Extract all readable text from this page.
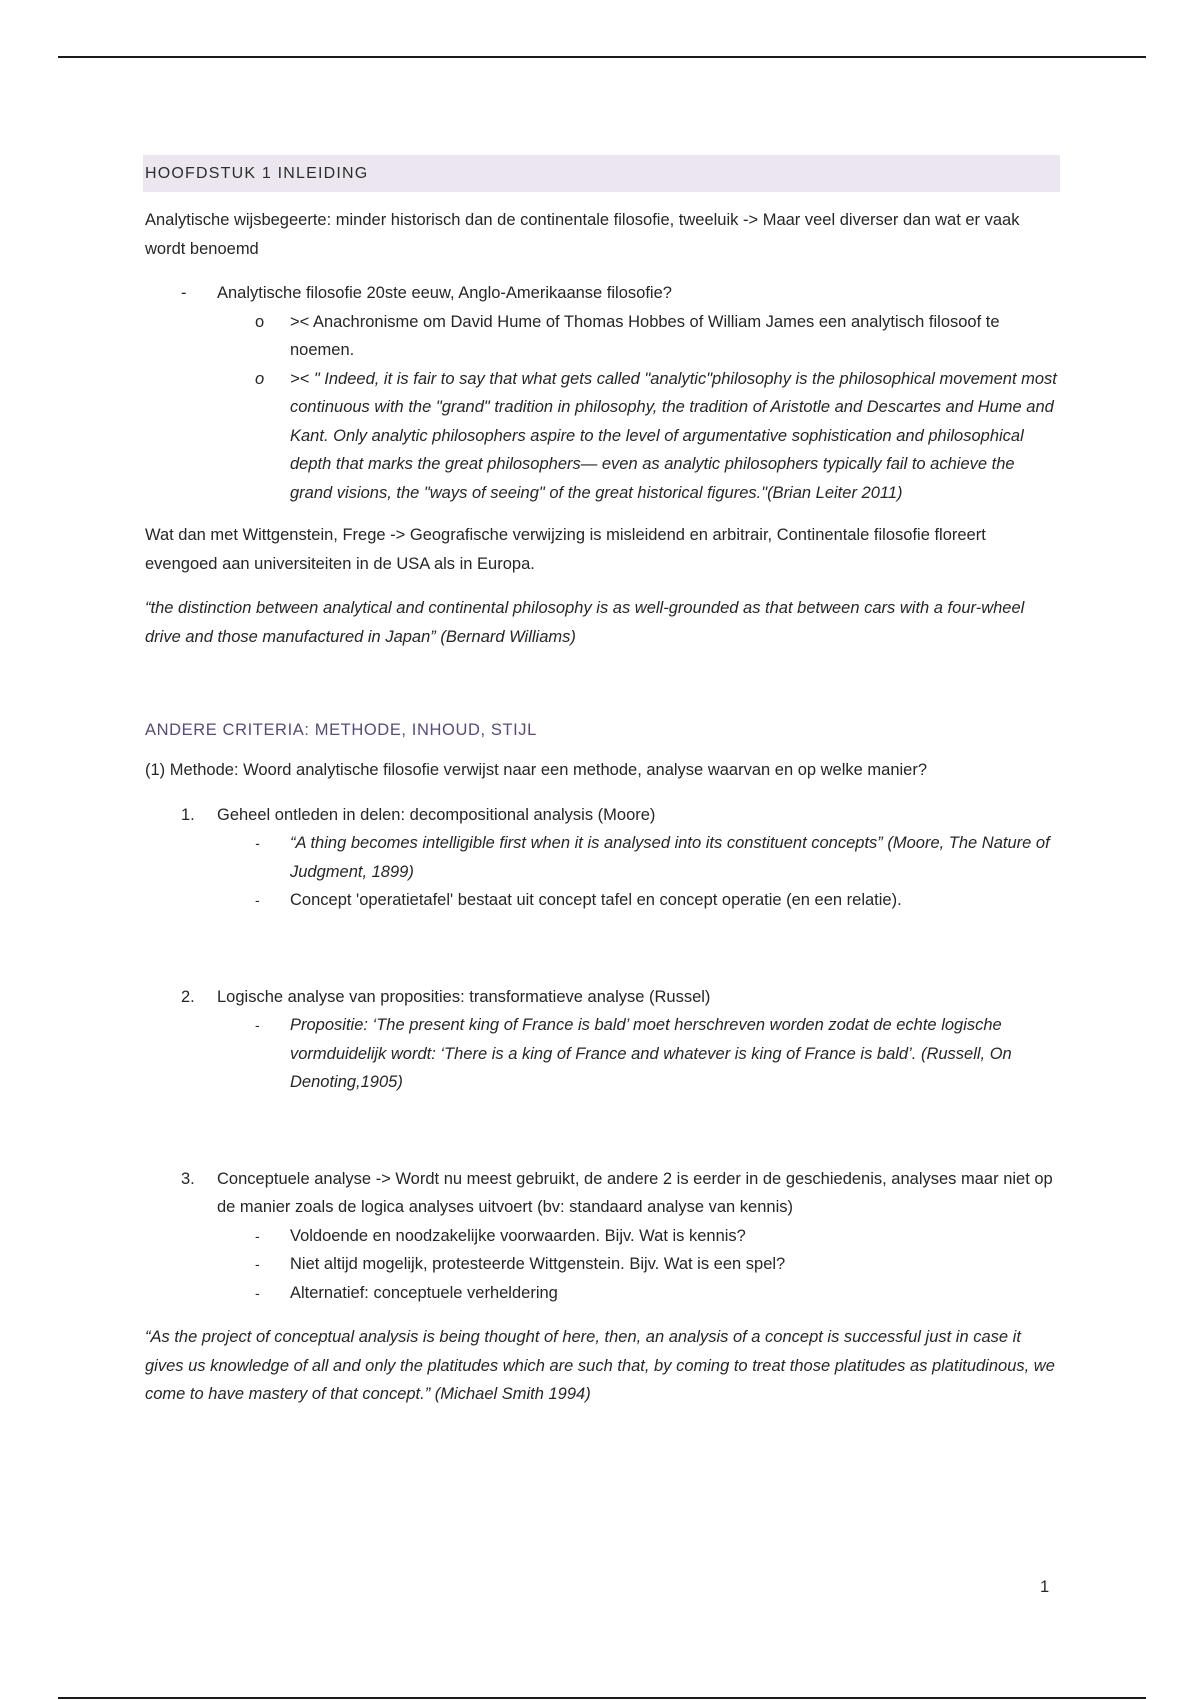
HOOFDSTUK 1 INLEIDING

Analytische wijsbegeerte: minder historisch dan de continentale filosofie, tweeluik -> Maar veel diverser dan wat er vaak wordt benoemd

- Analytische filosofie 20ste eeuw, Anglo-Amerikaanse filosofie?
o >< Anachronisme om David Hume of Thomas Hobbes of William James een analytisch filosoof te noemen.
o >< " Indeed, it is fair to say that what gets called "analytic"philosophy is the philosophical movement most continuous with the "grand" tradition in philosophy, the tradition of Aristotle and Descartes and Hume and Kant. Only analytic philosophers aspire to the level of argumentative sophistication and philosophical depth that marks the great philosophers— even as analytic philosophers typically fail to achieve the grand visions, the "ways of seeing" of the great historical figures."(Brian Leiter 2011)

Wat dan met Wittgenstein, Frege -> Geografische verwijzing is misleidend en arbitrair, Continentale filosofie floreert evengoed aan universiteiten in de USA als in Europa.

“the distinction between analytical and continental philosophy is as well-grounded as that between cars with a four-wheel drive and those manufactured in Japan” (Bernard Williams)

ANDERE CRITERIA: METHODE, INHOUD, STIJL

(1) Methode: Woord analytische filosofie verwijst naar een methode, analyse waarvan en op welke manier?

1. Geheel ontleden in delen: decompositional analysis (Moore)
- “A thing becomes intelligible first when it is analysed into its constituent concepts” (Moore, The Nature of Judgment, 1899)
- Concept 'operatietafel' bestaat uit concept tafel en concept operatie (en een relatie).
2. Logische analyse van proposities: transformatieve analyse (Russel)
- Propositie: ‘The present king of France is bald’ moet herschreven worden zodat de echte logische vormduidelijk wordt: ‘There is a king of France and whatever is king of France is bald’. (Russell, On Denoting,1905)
3. Conceptuele analyse -> Wordt nu meest gebruikt, de andere 2 is eerder in de geschiedenis, analyses maar niet op de manier zoals de logica analyses uitvoert (bv: standaard analyse van kennis)
- Voldoende en noodzakelijke voorwaarden. Bijv. Wat is kennis?
- Niet altijd mogelijk, protesteerde Wittgenstein. Bijv. Wat is een spel?
- Alternatief: conceptuele verheldering

“As the project of conceptual analysis is being thought of here, then, an analysis of a concept is successful just in case it gives us knowledge of all and only the platitudes which are such that, by coming to treat those platitudes as platitudinous, we come to have mastery of that concept.” (Michael Smith 1994)

1
